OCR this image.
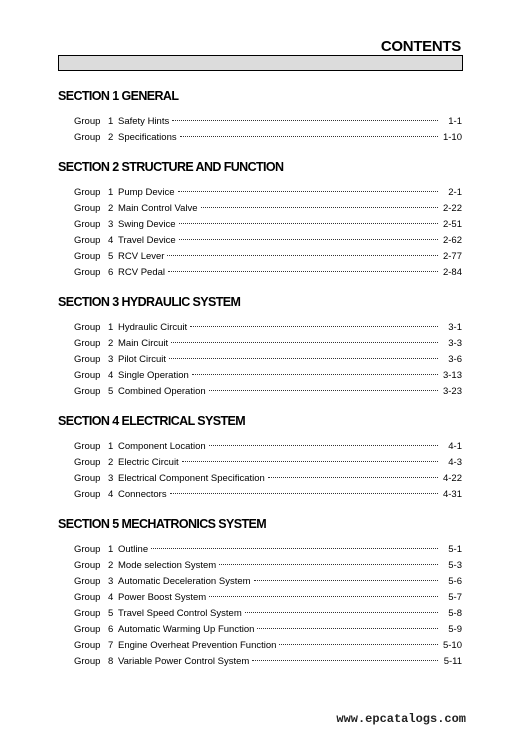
CONTENTS
SECTION 1 GENERAL
Group 1 Safety Hints	1-1
Group 2 Specifications	1-10
SECTION 2 STRUCTURE AND FUNCTION
Group 1 Pump Device	2-1
Group 2 Main Control Valve	2-22
Group 3 Swing Device	2-51
Group 4 Travel Device	2-62
Group 5 RCV Lever	2-77
Group 6 RCV Pedal	2-84
SECTION 3 HYDRAULIC SYSTEM
Group 1 Hydraulic Circuit	3-1
Group 2 Main Circuit	3-3
Group 3 Pilot Circuit	3-6
Group 4 Single Operation	3-13
Group 5 Combined Operation	3-23
SECTION 4 ELECTRICAL SYSTEM
Group 1 Component Location	4-1
Group 2 Electric Circuit	4-3
Group 3 Electrical Component Specification	4-22
Group 4 Connectors	4-31
SECTION 5 MECHATRONICS SYSTEM
Group 1 Outline	5-1
Group 2 Mode selection System	5-3
Group 3 Automatic Deceleration System	5-6
Group 4 Power Boost System	5-7
Group 5 Travel Speed Control System	5-8
Group 6 Automatic Warming Up Function	5-9
Group 7 Engine Overheat Prevention Function	5-10
Group 8 Variable Power Control System	5-11
www.epcatalogs.com
